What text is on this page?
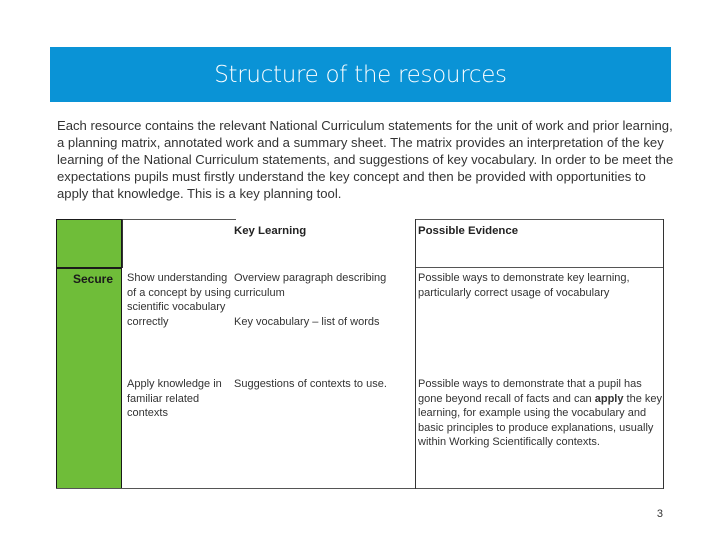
Structure of the resources

Each resource contains the relevant National Curriculum statements for the unit of work and prior learning, a planning matrix, annotated work and a summary sheet. The matrix provides an interpretation of the key learning of the National Curriculum statements, and suggestions of key vocabulary. In order to be meet the expectations pupils must firstly understand the key concept and then be provided with opportunities to apply that knowledge. This is a key planning tool.

Secure
Key Learning	Possible Evidence
Show understanding of a concept by using scientific vocabulary correctly
Overview paragraph describing curriculum
Key vocabulary – list of words
Possible ways to demonstrate key learning, particularly correct usage of vocabulary
Apply knowledge in familiar related contexts
Suggestions of contexts to use.	Possible ways to demonstrate that a pupil has gone beyond recall of facts and can apply the key learning, for example using the vocabulary and basic principles to produce explanations, usually within Working Scientifically contexts.
3
